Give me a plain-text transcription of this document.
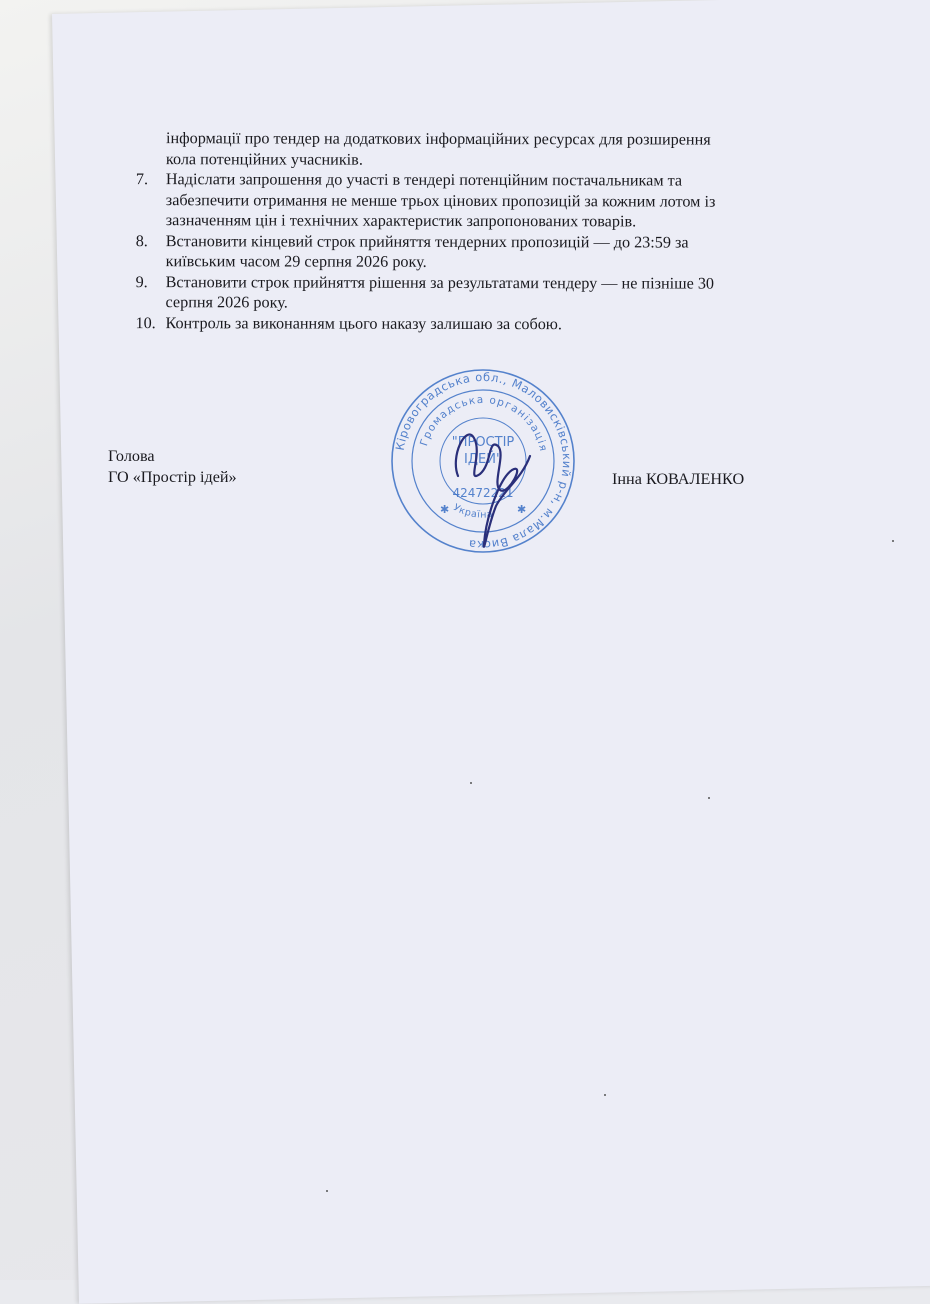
інформації про тендер на додаткових інформаційних ресурсах для розширення
кола потенційних учасників.
7. Надіслати запрошення до участі в тендері потенційним постачальникам та
забезпечити отримання не менше трьох цінових пропозицій за кожним лотом із
зазначенням цін і технічних характеристик запропонованих товарів.
8. Встановити кінцевий строк прийняття тендерних пропозицій — до 23:59 за
київським часом 29 серпня 2026 року.
9. Встановити строк прийняття рішення за результатами тендеру — не пізніше 30
серпня 2026 року.
10. Контроль за виконанням цього наказу залишаю за собою.
Голова
ГО «Простір ідей»	Інна КОВАЛЕНКО
Кіровоградська обл., Маловисківський р-н, м.Мала Виска
Громадська організація
"ПРОСТІР
ІДЕЙ"
42472221
Україна
✱	✱
